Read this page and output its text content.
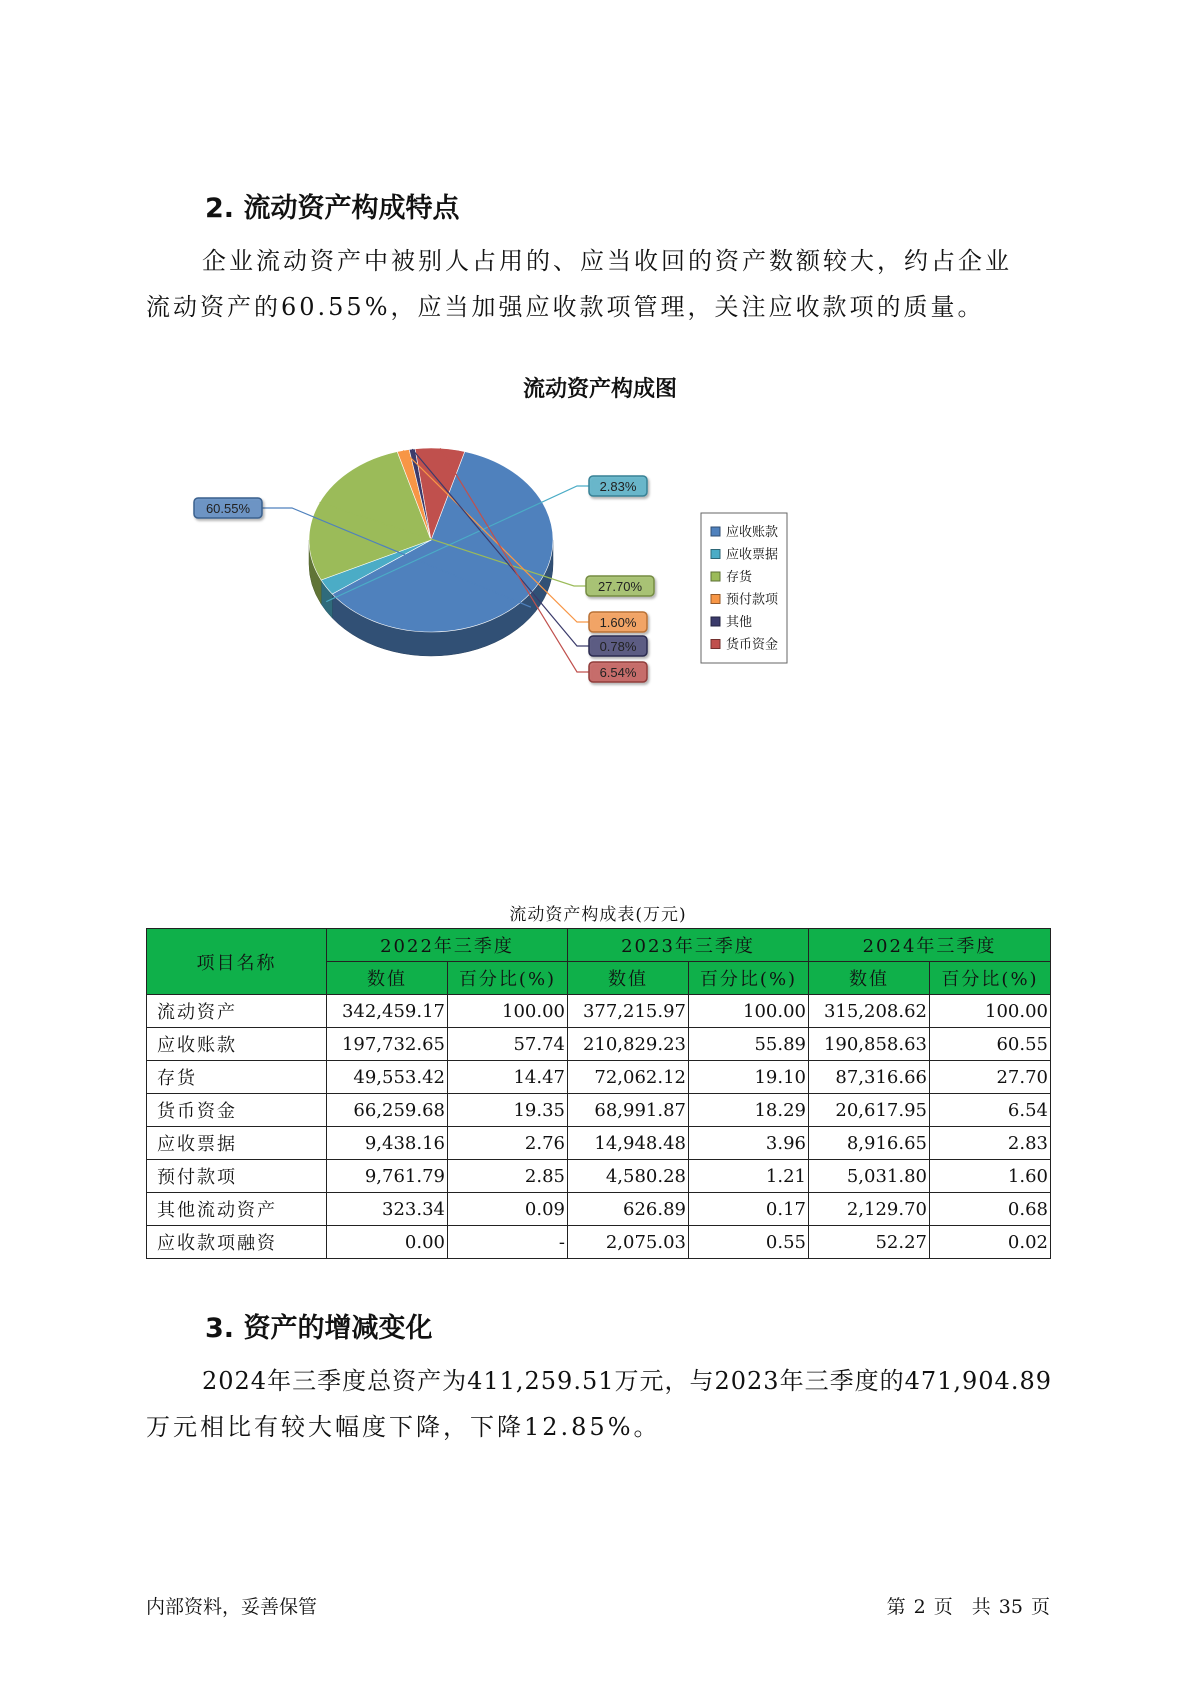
2. 流动资产构成特点
企业流动资产中被别人占用的、应当收回的资产数额较大，约占企业
流动资产的60.55%，应当加强应收款项管理，关注应收款项的质量。
流动资产构成图
60.55%
2.83%
27.70%
1.60%
0.78%
6.54%
应收账款
应收票据
存货
预付款项
其他
货币资金
流动资产构成表(万元)
项目名称	2022年三季度		2023年三季度		2024年三季度	
	数值	百分比(%)	数值	百分比(%)	数值	百分比(%)
流动资产	342,459.17	100.00	377,215.97	100.00	315,208.62	100.00
应收账款	197,732.65	57.74	210,829.23	55.89	190,858.63	60.55
存货	49,553.42	14.47	72,062.12	19.10	87,316.66	27.70
货币资金	66,259.68	19.35	68,991.87	18.29	20,617.95	6.54
应收票据	9,438.16	2.76	14,948.48	3.96	8,916.65	2.83
预付款项	9,761.79	2.85	4,580.28	1.21	5,031.80	1.60
其他流动资产	323.34	0.09	626.89	0.17	2,129.70	0.68
应收款项融资	0.00	-	2,075.03	0.55	52.27	0.02
3. 资产的增减变化
2024年三季度总资产为411,259.51万元，与2023年三季度的471,904.89
万元相比有较大幅度下降，下降12.85%。
内部资料，妥善保管	第 2 页　共 35 页
